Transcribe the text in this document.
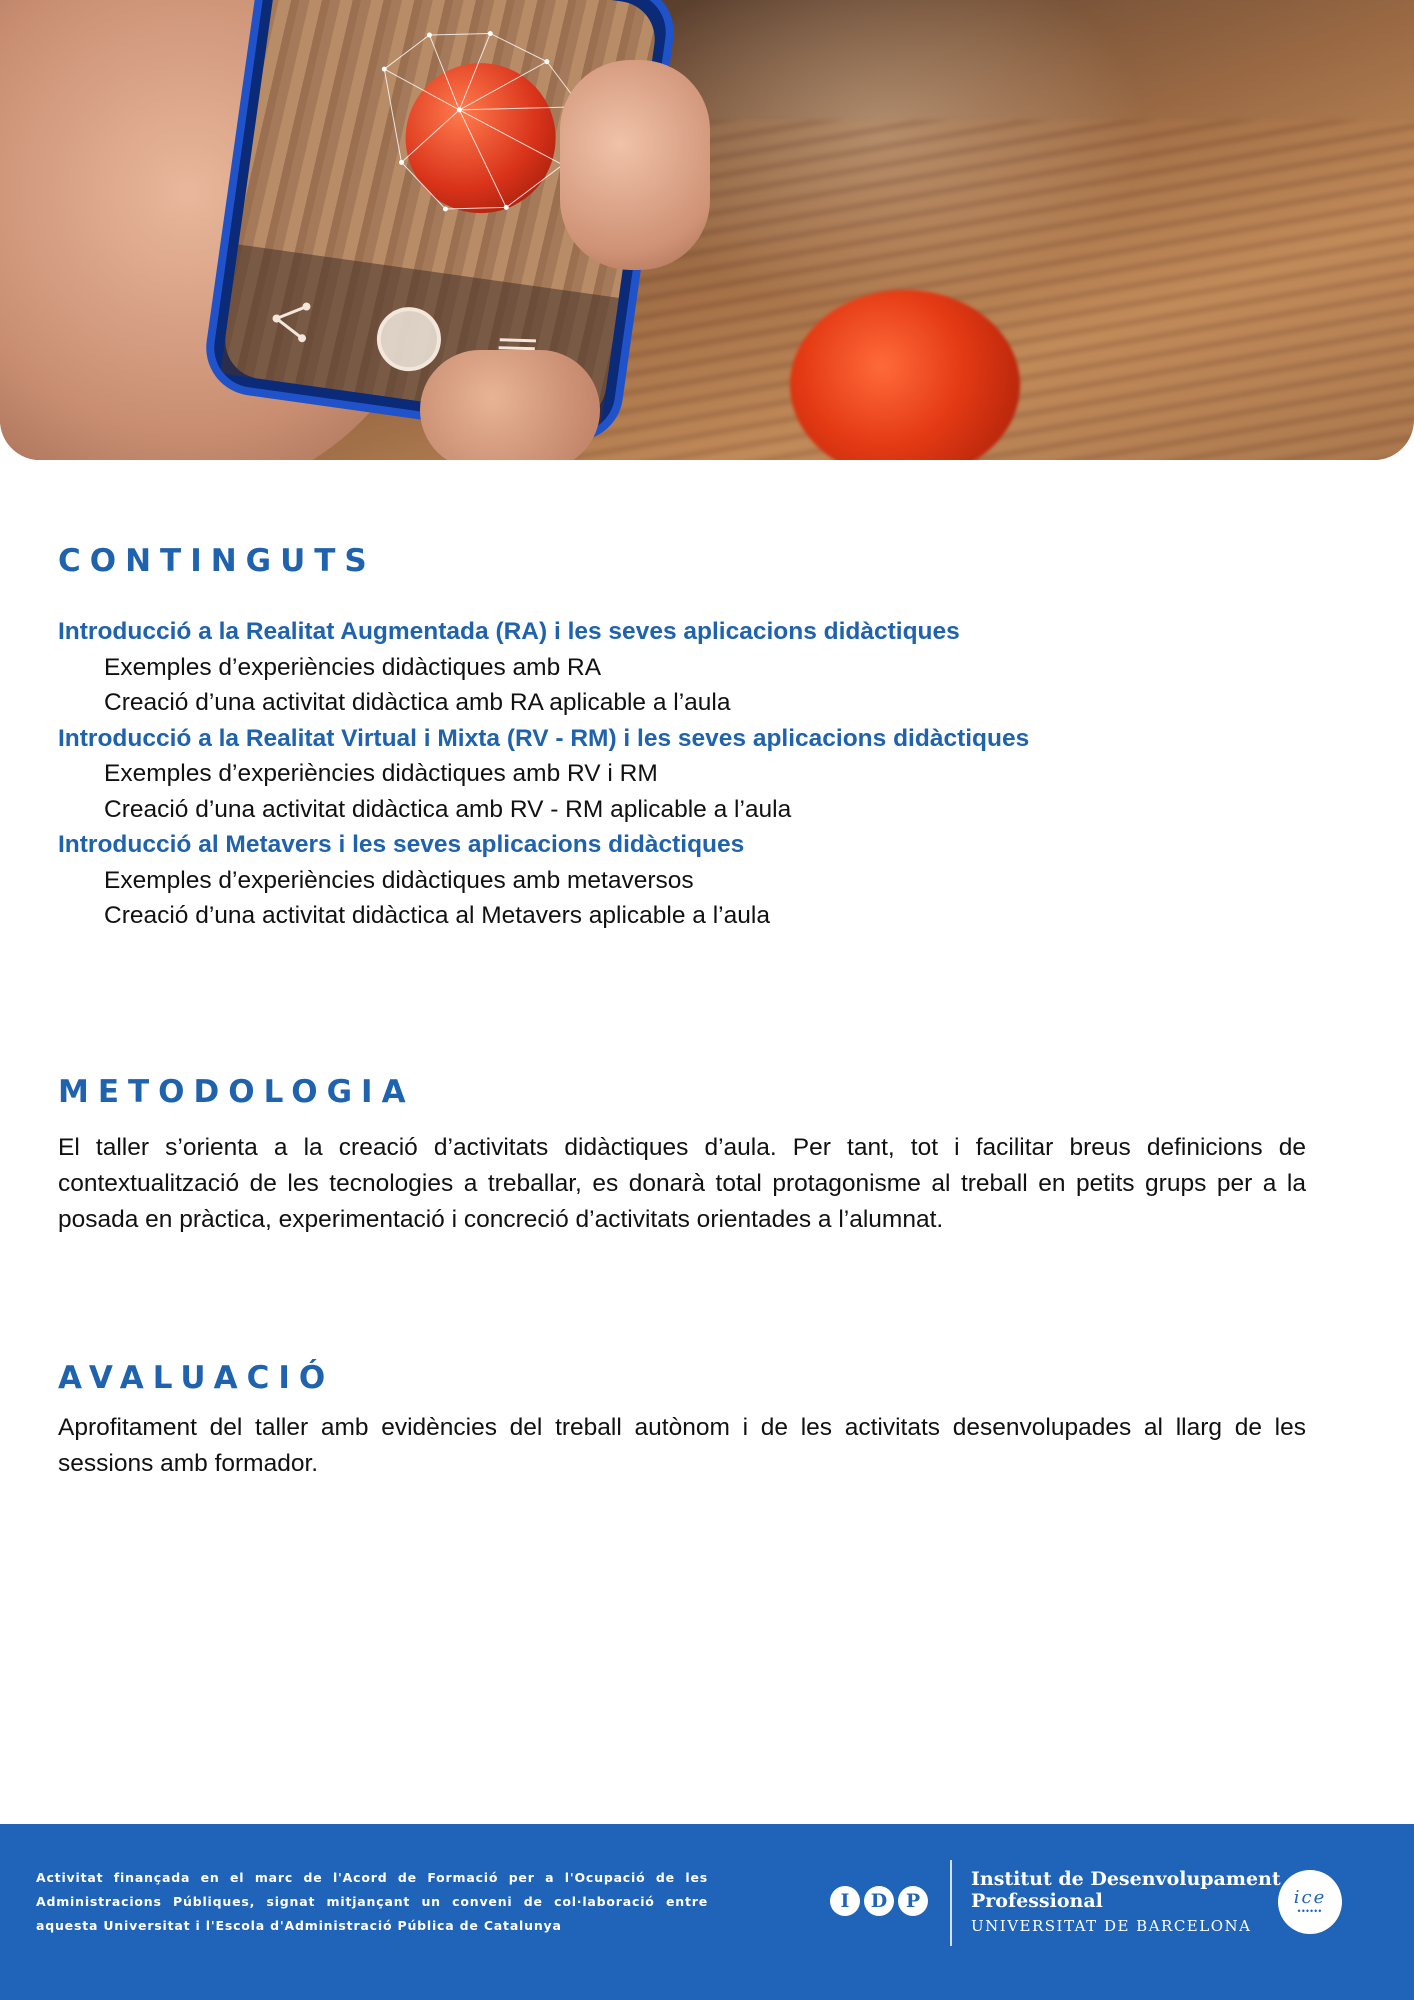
CONTINGUTS
Introducció a la Realitat Augmentada (RA) i les seves aplicacions didàctiques
Exemples d’experiències didàctiques amb RA
Creació d’una activitat didàctica amb RA aplicable a l’aula
Introducció a la Realitat Virtual i Mixta (RV - RM) i les seves aplicacions didàctiques
Exemples d’experiències didàctiques amb RV i RM
Creació d’una activitat didàctica amb RV - RM aplicable a l’aula
Introducció al Metavers i les seves aplicacions didàctiques
Exemples d’experiències didàctiques amb metaversos
Creació d’una activitat didàctica al Metavers aplicable a l’aula
METODOLOGIA

El taller s’orienta a la creació d’activitats didàctiques d’aula. Per tant, tot i facilitar breus definicions de contextualització de les tecnologies a treballar, es donarà total protagonisme al treball en petits grups per a la posada en pràctica, experimentació i concreció d’activitats orientades a l’alumnat.

AVALUACIÓ

Aprofitament del taller amb evidències del treball autònom i de les activitats desenvolupades al llarg de les sessions amb formador.

Activitat finançada en el marc de l'Acord de Formació per a l'Ocupació de les Administracions Públiques, signat mitjançant un conveni de col·laboració entre aquesta Universitat i l'Escola d'Administració Pública de Catalunya

I	D P
Institut de Desenvolupament
Professional
UNIVERSITAT DE BARCELONA
ice
••••••
